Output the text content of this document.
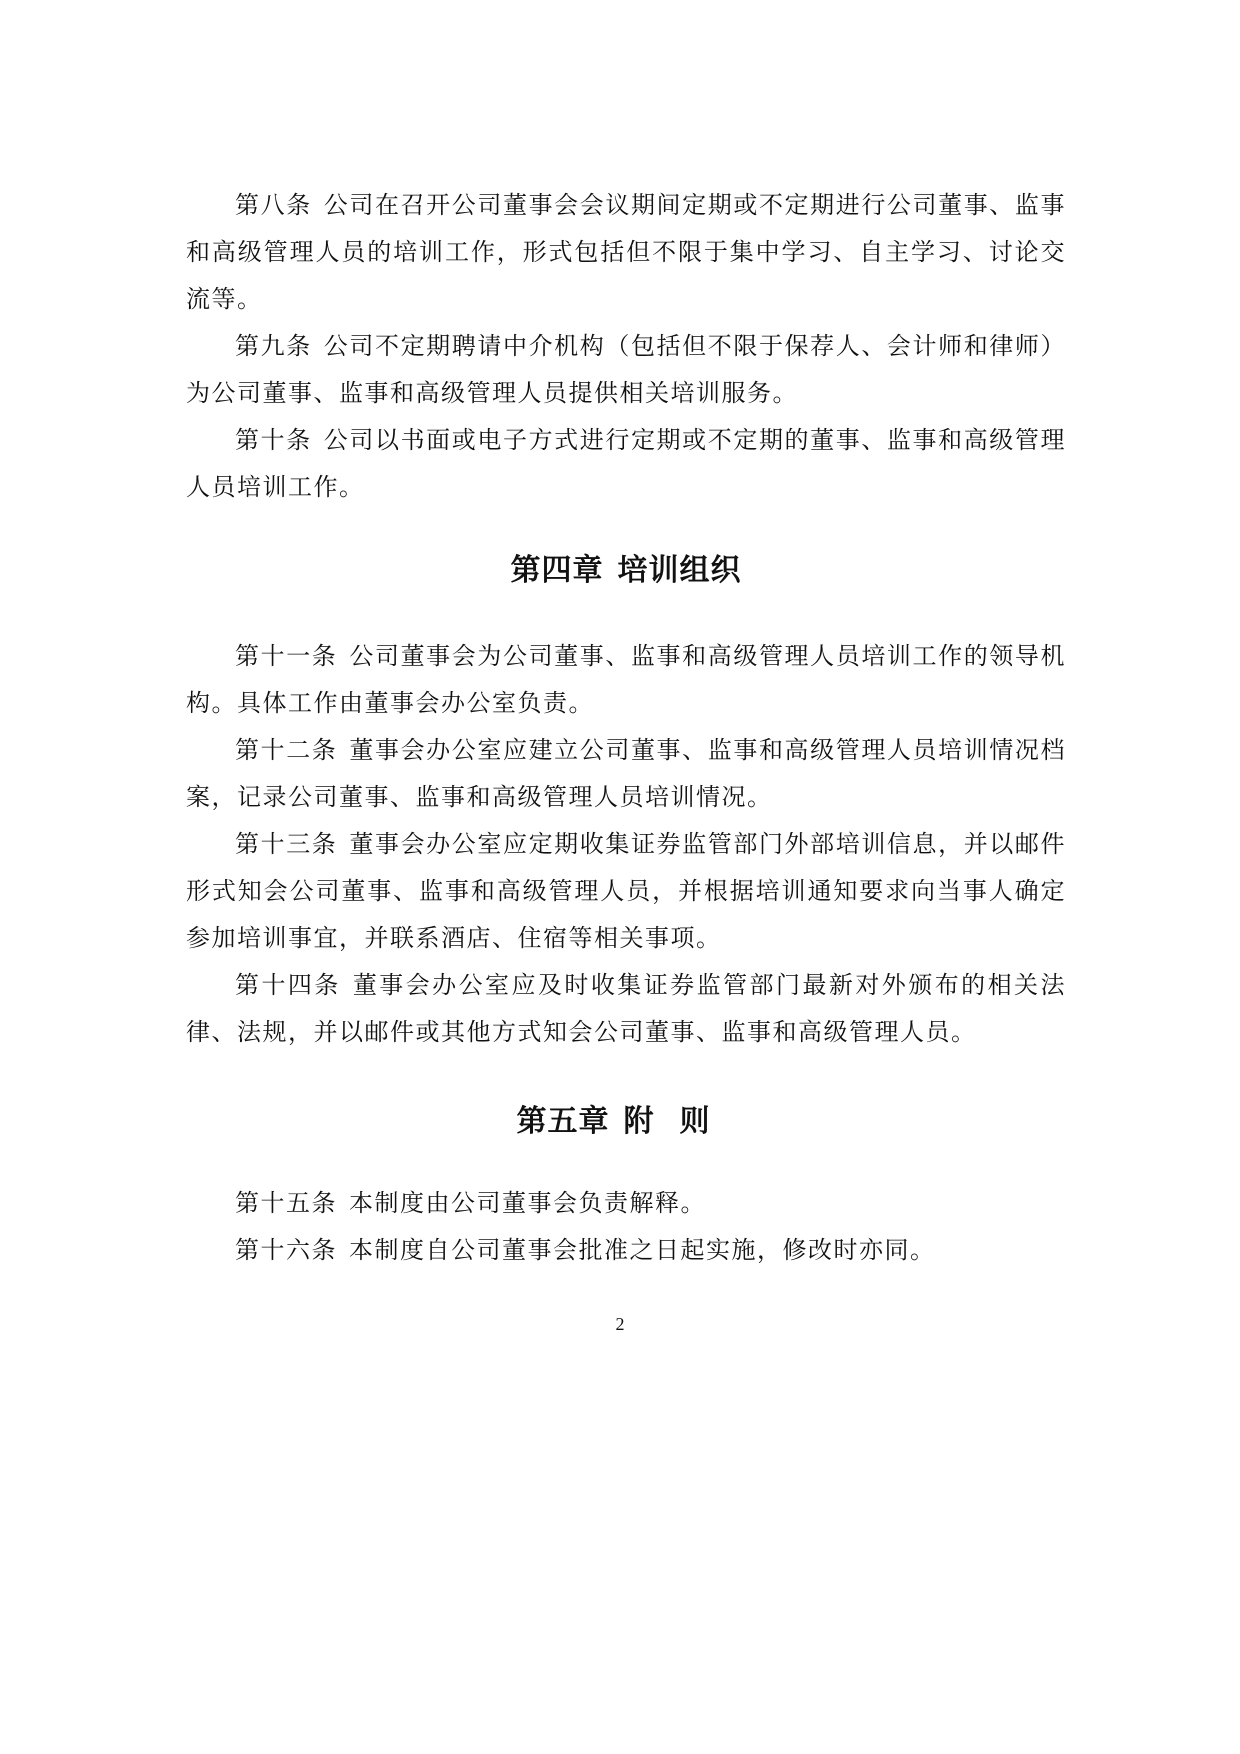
第八条 公司在召开公司董事会会议期间定期或不定期进行公司董事、监事和高级管理人员的培训工作，形式包括但不限于集中学习、自主学习、讨论交流等。

第九条 公司不定期聘请中介机构（包括但不限于保荐人、会计师和律师）为公司董事、监事和高级管理人员提供相关培训服务。

第十条 公司以书面或电子方式进行定期或不定期的董事、监事和高级管理人员培训工作。

第四章 培训组织

第十一条 公司董事会为公司董事、监事和高级管理人员培训工作的领导机构。具体工作由董事会办公室负责。

第十二条 董事会办公室应建立公司董事、监事和高级管理人员培训情况档案，记录公司董事、监事和高级管理人员培训情况。

第十三条 董事会办公室应定期收集证券监管部门外部培训信息，并以邮件形式知会公司董事、监事和高级管理人员，并根据培训通知要求向当事人确定参加培训事宜，并联系酒店、住宿等相关事项。

第十四条 董事会办公室应及时收集证券监管部门最新对外颁布的相关法律、法规，并以邮件或其他方式知会公司董事、监事和高级管理人员。

第五章 附则

第十五条 本制度由公司董事会负责解释。

第十六条 本制度自公司董事会批准之日起实施，修改时亦同。

2
